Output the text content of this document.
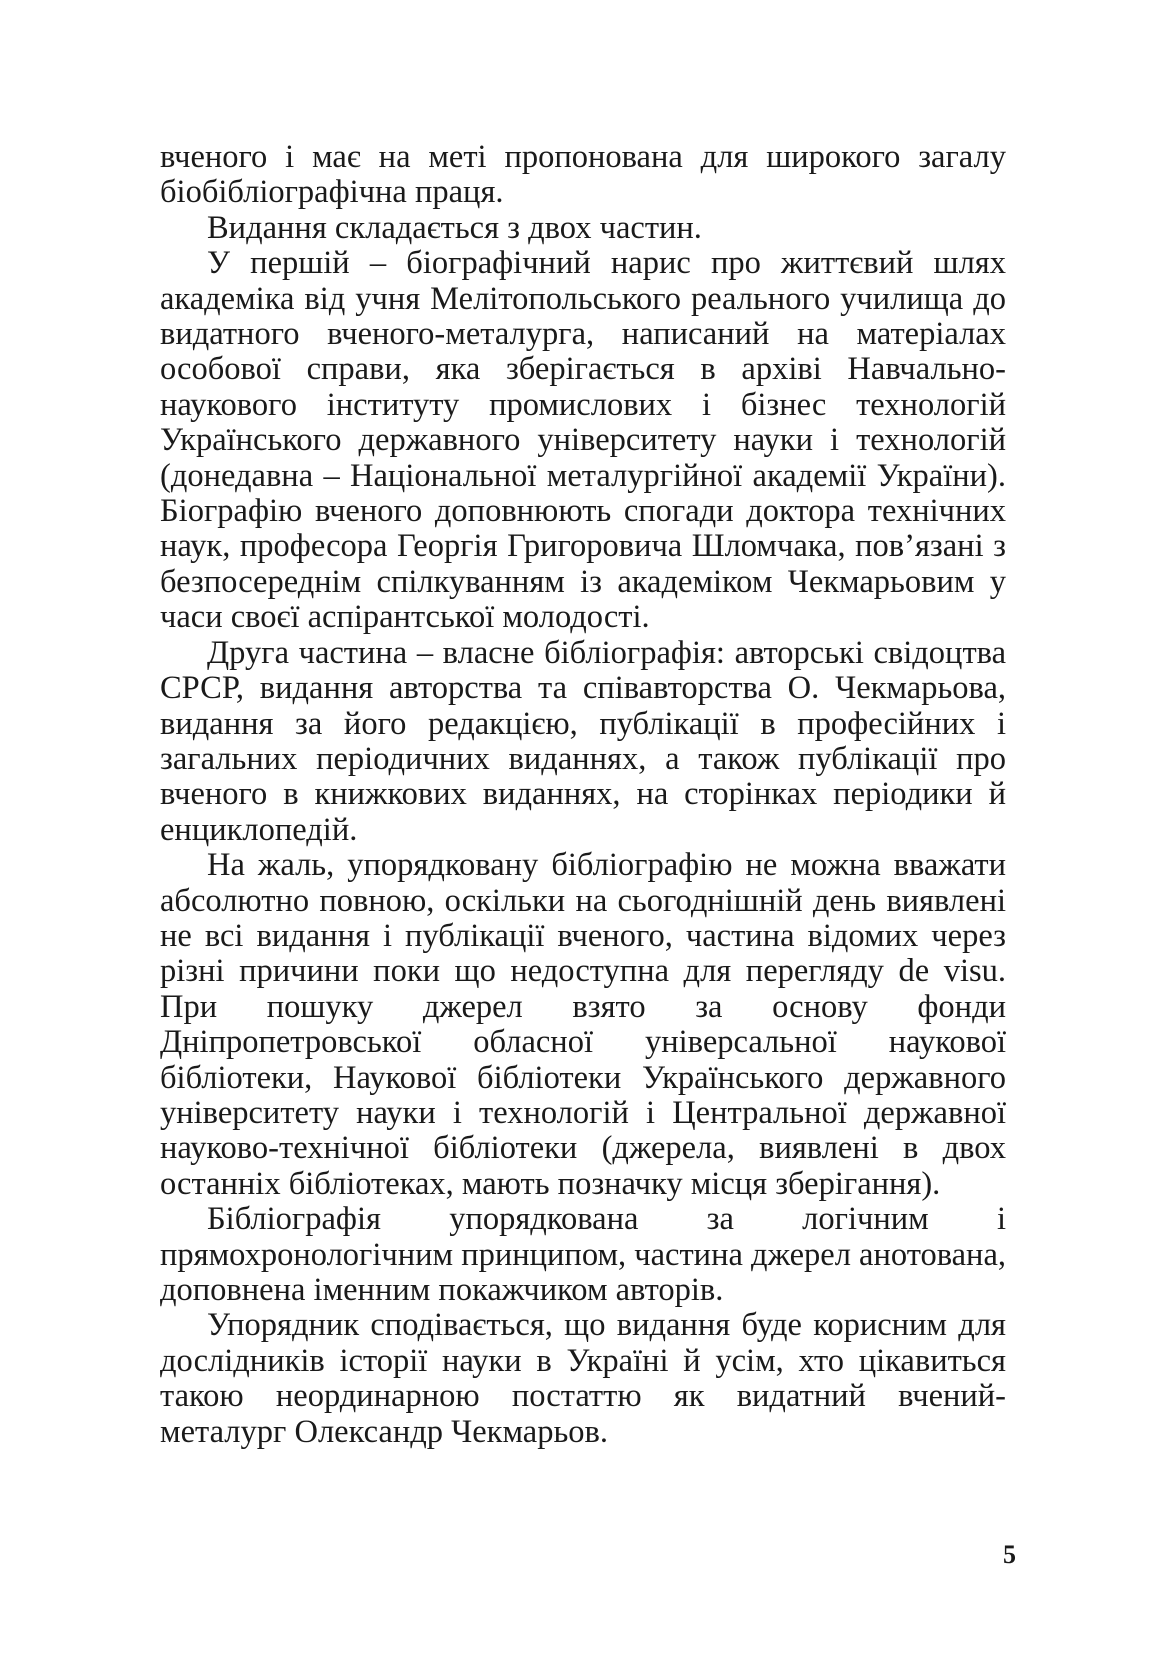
вченого і має на меті пропонована для широкого загалу біобібліографічна праця.

Видання складається з двох частин.

У першій – біографічний нарис про життєвий шлях академіка від учня Мелітопольського реального училища до видатного вченого-металурга, написаний на матеріалах особової справи, яка зберігається в архіві Навчально-наукового інституту промислових і бізнес технологій Українського державного університету науки і технологій (донедавна – Національної металургійної академії України). Біографію вченого доповнюють спогади доктора технічних наук, професора Георгія Григоровича Шломчака, пов’язані з безпосереднім спілкуванням із академіком Чекмарьовим у часи своєї аспірантської молодості.

Друга частина – власне бібліографія: авторські свідоцтва СРСР, видання авторства та співавторства О. Чекмарьова, видання за його редакцією, публікації в професійних і загальних періодичних виданнях, а також публікації про вченого в книжкових виданнях, на сторінках періодики й енциклопедій.

На жаль, упорядковану бібліографію не можна вважати абсолютно повною, оскільки на сьогоднішній день виявлені не всі видання і публікації вченого, частина відомих через різні причини поки що недоступна для перегляду de visu. При пошуку джерел взято за основу фонди Дніпропетровської обласної універсальної наукової бібліотеки, Наукової бібліотеки Українського державного університету науки і технологій і Центральної державної науково-технічної бібліотеки (джерела, виявлені в двох останніх бібліотеках, мають позначку місця зберігання).

Бібліографія упорядкована за логічним і прямохронологічним принципом, частина джерел анотована, доповнена іменним покажчиком авторів.

Упорядник сподівається, що видання буде корисним для дослідників історії науки в Україні й усім, хто цікавиться такою неординарною постаттю як видатний вчений-металург Олександр Чекмарьов.

5
